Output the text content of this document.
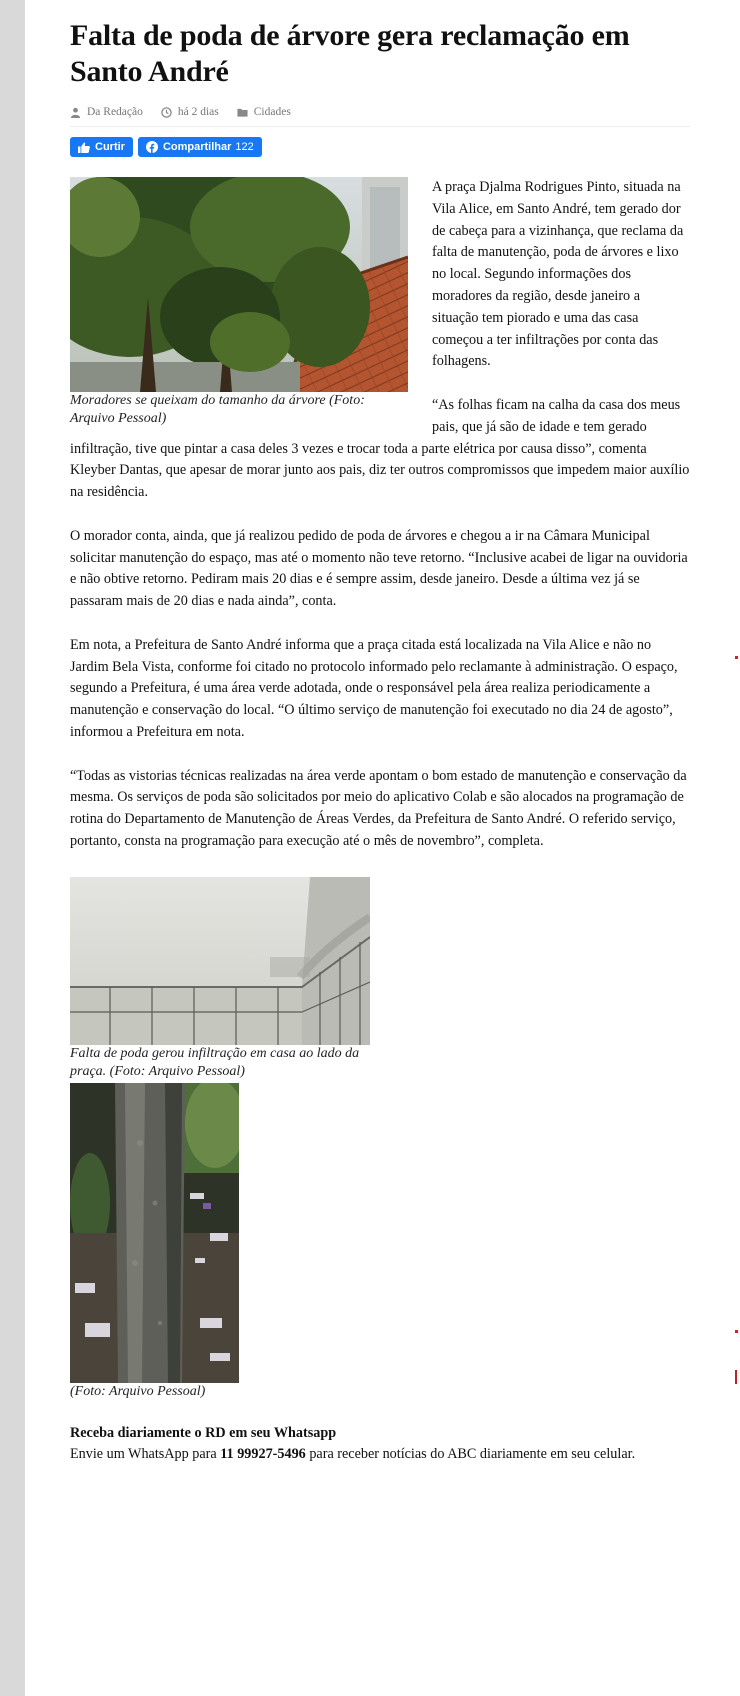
Falta de poda de árvore gera reclamação em Santo André
Da Redação	há 2 dias	Cidades
Curtir	Compartilhar 122
Moradores se queixam do tamanho da árvore (Foto: Arquivo Pessoal)

A praça Djalma Rodrigues Pinto, situada na Vila Alice, em Santo André, tem gerado dor de cabeça para a vizinhança, que reclama da falta de manutenção, poda de árvores e lixo no local. Segundo informações dos moradores da região, desde janeiro a situação tem piorado e uma das casa começou a ter infiltrações por conta das folhagens.

“As folhas ficam na calha da casa dos meus pais, que já são de idade e tem gerado infiltração, tive que pintar a casa deles 3 vezes e trocar toda a parte elétrica por causa disso”, comenta Kleyber Dantas, que apesar de morar junto aos pais, diz ter outros compromissos que impedem maior auxílio na residência.

O morador conta, ainda, que já realizou pedido de poda de árvores e chegou a ir na Câmara Municipal solicitar manutenção do espaço, mas até o momento não teve retorno. “Inclusive acabei de ligar na ouvidoria e não obtive retorno. Pediram mais 20 dias e é sempre assim, desde janeiro. Desde a última vez já se passaram mais de 20 dias e nada ainda”, conta.

Em nota, a Prefeitura de Santo André informa que a praça citada está localizada na Vila Alice e não no Jardim Bela Vista, conforme foi citado no protocolo informado pelo reclamante à administração. O espaço, segundo a Prefeitura, é uma área verde adotada, onde o responsável pela área realiza periodicamente a manutenção e conservação do local. “O último serviço de manutenção foi executado no dia 24 de agosto”, informou a Prefeitura em nota.

“Todas as vistorias técnicas realizadas na área verde apontam o bom estado de manutenção e conservação da mesma. Os serviços de poda são solicitados por meio do aplicativo Colab e são alocados na programação de rotina do Departamento de Manutenção de Áreas Verdes, da Prefeitura de Santo André. O referido serviço, portanto, consta na programação para execução até o mês de novembro”, completa.

Falta de poda gerou infiltração em casa ao lado da praça. (Foto: Arquivo Pessoal)
(Foto: Arquivo Pessoal)
Receba diariamente o RD em seu Whatsapp
Envie um WhatsApp para 11 99927-5496 para receber notícias do ABC diariamente em seu celular.
